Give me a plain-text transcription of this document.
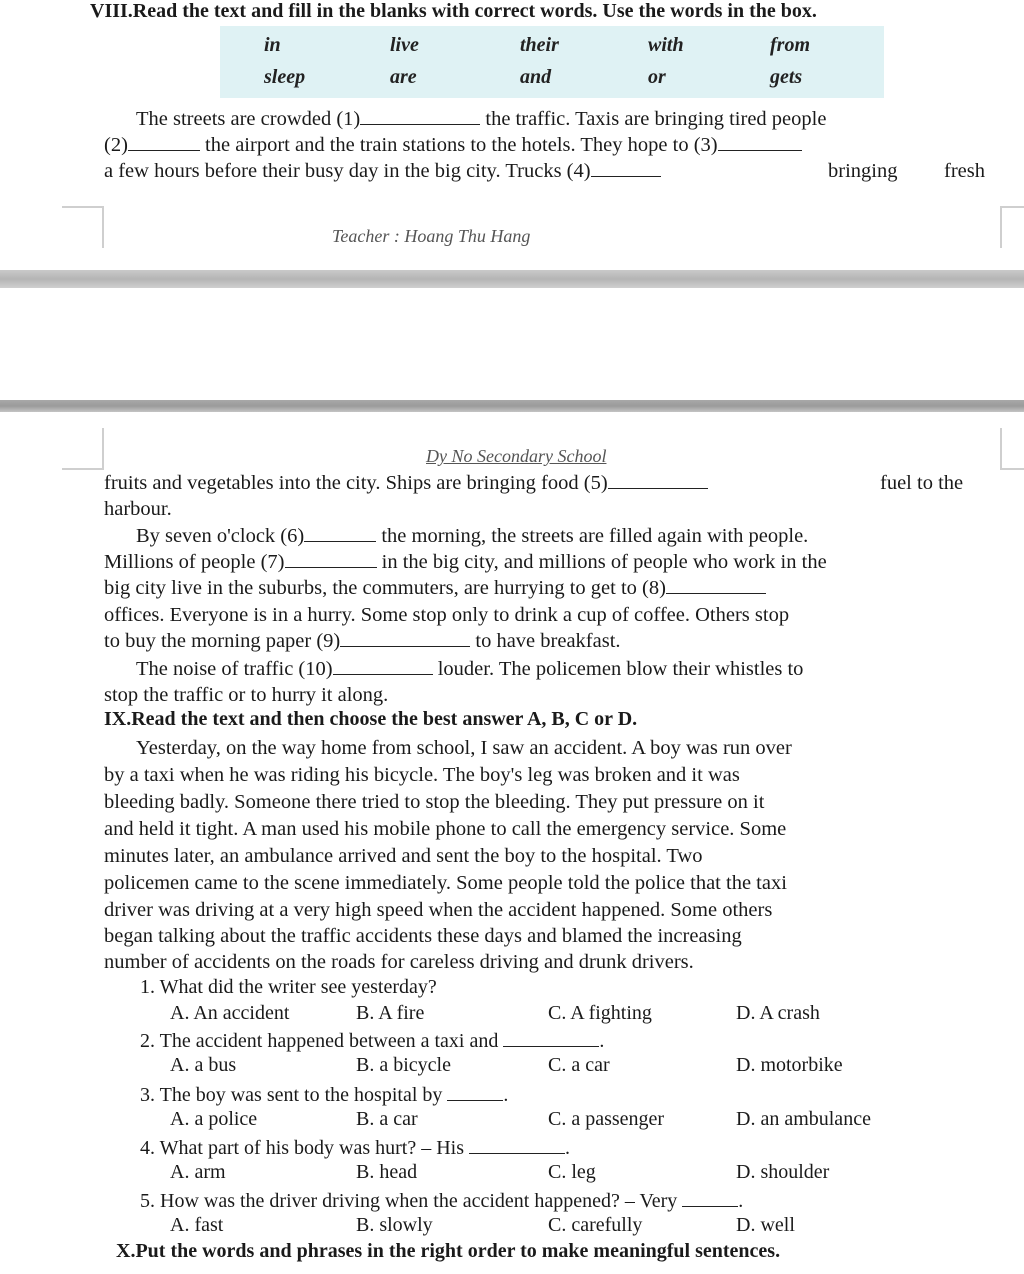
VIII.Read the text and fill in the blanks with correct words. Use the words in the box.
in	live	their	with	from
sleep	are	and	or	gets
The streets are crowded (1)	the traffic. Taxis are bringing tired people
(2)	the airport and the train stations to the hotels. They hope to (3)
a few hours before their busy day in the big city. Trucks (4)	bringing fresh
Teacher : Hoang Thu Hang
Dy No Secondary School
fruits and vegetables into the city. Ships are bringing food (5)	fuel to the
harbour.
By seven o'clock (6)	the morning, the streets are filled again with people.
Millions of people (7)	in the big city, and millions of people who work in the
big city live in the suburbs, the commuters, are hurrying to get to (8)
offices. Everyone is in a hurry. Some stop only to drink a cup of coffee. Others stop
to buy the morning paper (9)	to have breakfast.
The noise of traffic (10)	louder. The policemen blow their whistles to
stop the traffic or to hurry it along.
IX.Read the text and then choose the best answer A, B, C or D.
Yesterday, on the way home from school, I saw an accident. A boy was run over
by a taxi when he was riding his bicycle. The boy's leg was broken and it was
bleeding badly. Someone there tried to stop the bleeding. They put pressure on it
and held it tight. A man used his mobile phone to call the emergency service. Some
minutes later, an ambulance arrived and sent the boy to the hospital. Two
policemen came to the scene immediately. Some people told the police that the taxi
driver was driving at a very high speed when the accident happened. Some others
began talking about the traffic accidents these days and blamed the increasing
number of accidents on the roads for careless driving and drunk drivers.
1. What did the writer see yesterday?
A. An accident	B. A fire	C. A fighting	D. A crash
2. The accident happened between a taxi and	.
A. a bus	B. a bicycle	C. a car	D. motorbike
3. The boy was sent to the hospital by	.
A. a police	B. a car	C. a passenger	D. an ambulance
4. What part of his body was hurt? – His	.
A. arm	B. head	C. leg	D. shoulder
5. How was the driver driving when the accident happened? – Very	.
A. fast	B. slowly	C. carefully	D. well
X.Put the words and phrases in the right order to make meaningful sentences.
